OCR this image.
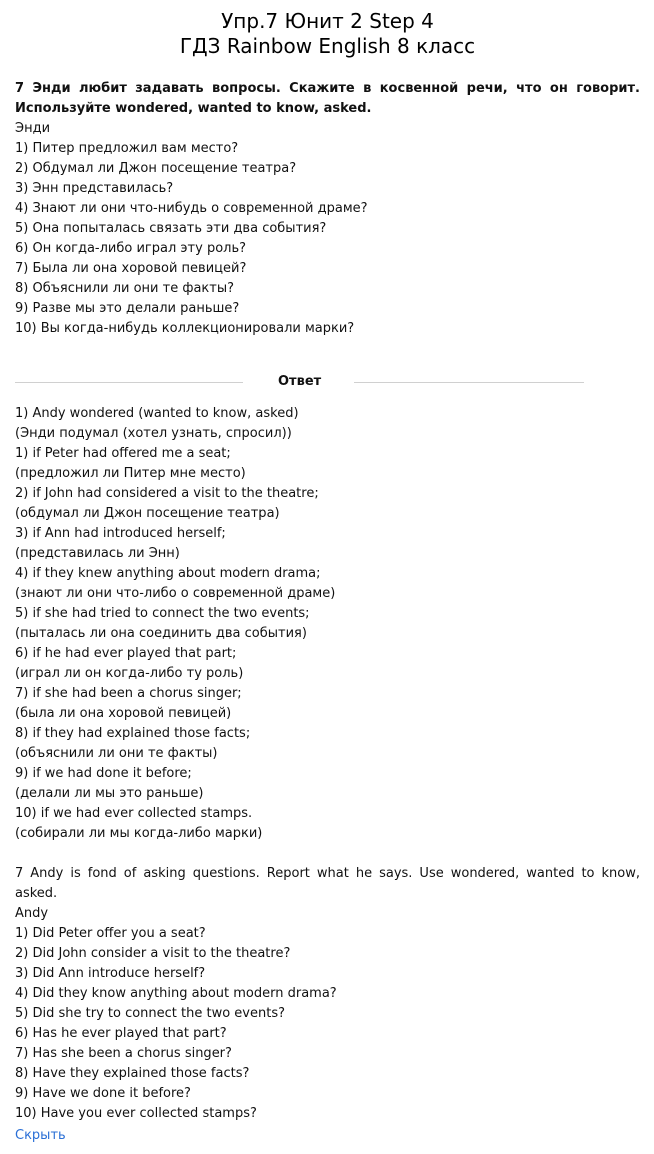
Упр.7 Юнит 2 Step 4
ГДЗ Rainbow English 8 класс
7 Энди любит задавать вопросы. Скажите в косвенной речи, что он говорит. Используйте wondered, wanted to know, asked.
Энди
1) Питер предложил вам место?
2) Обдумал ли Джон посещение театра?
3) Энн представилась?
4) Знают ли они что-нибудь о современной драме?
5) Она попыталась связать эти два события?
6) Он когда-либо играл эту роль?
7) Была ли она хоровой певицей?
8) Объяснили ли они те факты?
9) Разве мы это делали раньше?
10) Вы когда-нибудь коллекционировали марки?
Ответ
1) Andy wondered (wanted to know, asked)
(Энди подумал (хотел узнать, спросил))
1) if Peter had offered me a seat;
(предложил ли Питер мне место)
2) if John had considered a visit to the theatre;
(обдумал ли Джон посещение театра)
3) if Ann had introduced herself;
(представилась ли Энн)
4) if they knew anything about modern drama;
(знают ли они что-либо о современной драме)
5) if she had tried to connect the two events;
(пыталась ли она соединить два события)
6) if he had ever played that part;
(играл ли он когда-либо ту роль)
7) if she had been a chorus singer;
(была ли она хоровой певицей)
8) if they had explained those facts;
(объяснили ли они те факты)
9) if we had done it before;
(делали ли мы это раньше)
10) if we had ever collected stamps.
(собирали ли мы когда-либо марки)
7 Andy is fond of asking questions. Report what he says. Use wondered, wanted to know, asked.
Andy
1) Did Peter offer you a seat?
2) Did John consider a visit to the theatre?
3) Did Ann introduce herself?
4) Did they know anything about modern drama?
5) Did she try to connect the two events?
6) Has he ever played that part?
7) Has she been a chorus singer?
8) Have they explained those facts?
9) Have we done it before?
10) Have you ever collected stamps?
Скрыть
